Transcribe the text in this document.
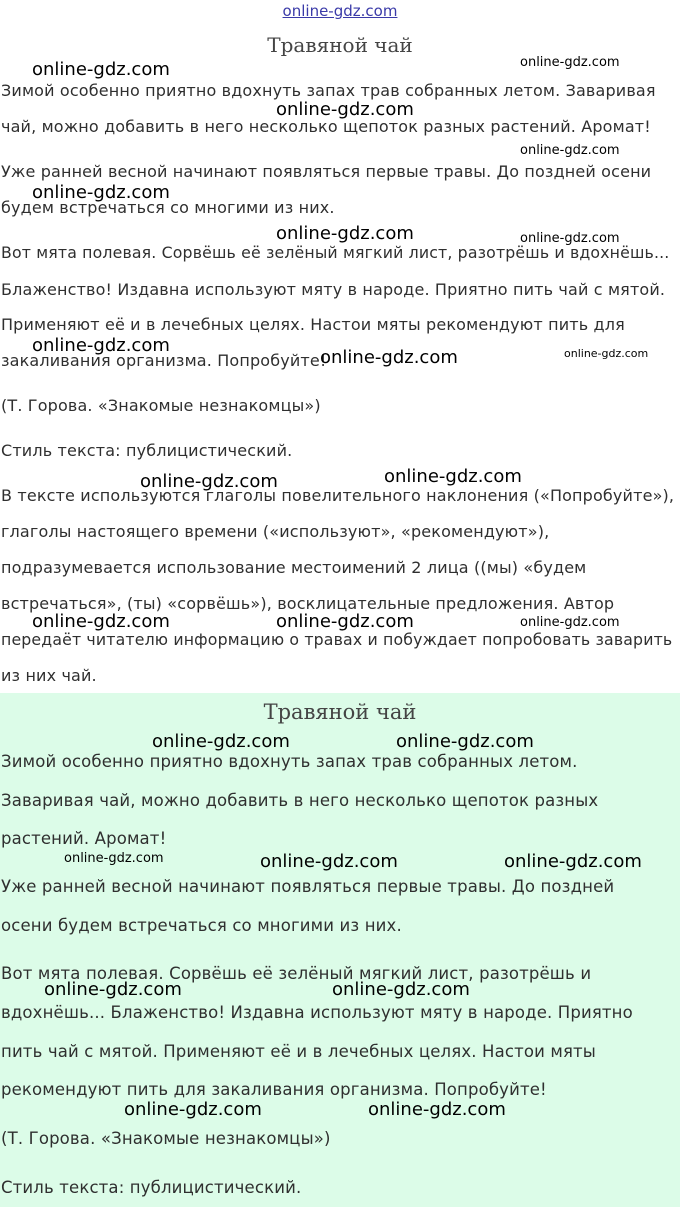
online-gdz.com
Травяной чай
Зимой особенно приятно вдохнуть запах трав собранных летом. Заваривая
чай, можно добавить в него несколько щепоток разных растений. Аромат!
Уже ранней весной начинают появляться первые травы. До поздней осени
будем встречаться со многими из них.
Вот мята полевая. Сорвёшь её зелёный мягкий лист, разотрёшь и вдохнёшь...
Блаженство! Издавна используют мяту в народе. Приятно пить чай с мятой.
Применяют её и в лечебных целях. Настои мяты рекомендуют пить для
закаливания организма. Попробуйте!
(Т. Горова. «Знакомые незнакомцы»)
Стиль текста: публицистический.
В тексте используются глаголы повелительного наклонения («Попробуйте»),
глаголы настоящего времени («используют», «рекомендуют»),
подразумевается использование местоимений 2 лица ((мы) «будем
встречаться», (ты) «сорвёшь»), восклицательные предложения. Автор
передаёт читателю информацию о травах и побуждает попробовать заварить
из них чай.
Травяной чай
Зимой особенно приятно вдохнуть запах трав собранных летом.
Заваривая чай, можно добавить в него несколько щепоток разных
растений. Аромат!
Уже ранней весной начинают появляться первые травы. До поздней
осени будем встречаться со многими из них.
Вот мята полевая. Сорвёшь её зелёный мягкий лист, разотрёшь и
вдохнёшь... Блаженство! Издавна используют мяту в народе. Приятно
пить чай с мятой. Применяют её и в лечебных целях. Настои мяты
рекомендуют пить для закаливания организма. Попробуйте!
(Т. Горова. «Знакомые незнакомцы»)
Стиль текста: публицистический.
online-gdz.com	online-gdz.com
online-gdz.com
online-gdz.com
online-gdz.com
online-gdz.com	online-gdz.com
online-gdz.com
online-gdz.com	online-gdz.com
online-gdz.com	online-gdz.com
online-gdz.com	online-gdz.com	online-gdz.com
online-gdz.com	online-gdz.com
online-gdz.com	online-gdz.com	online-gdz.com
online-gdz.com	online-gdz.com
online-gdz.com	online-gdz.com
